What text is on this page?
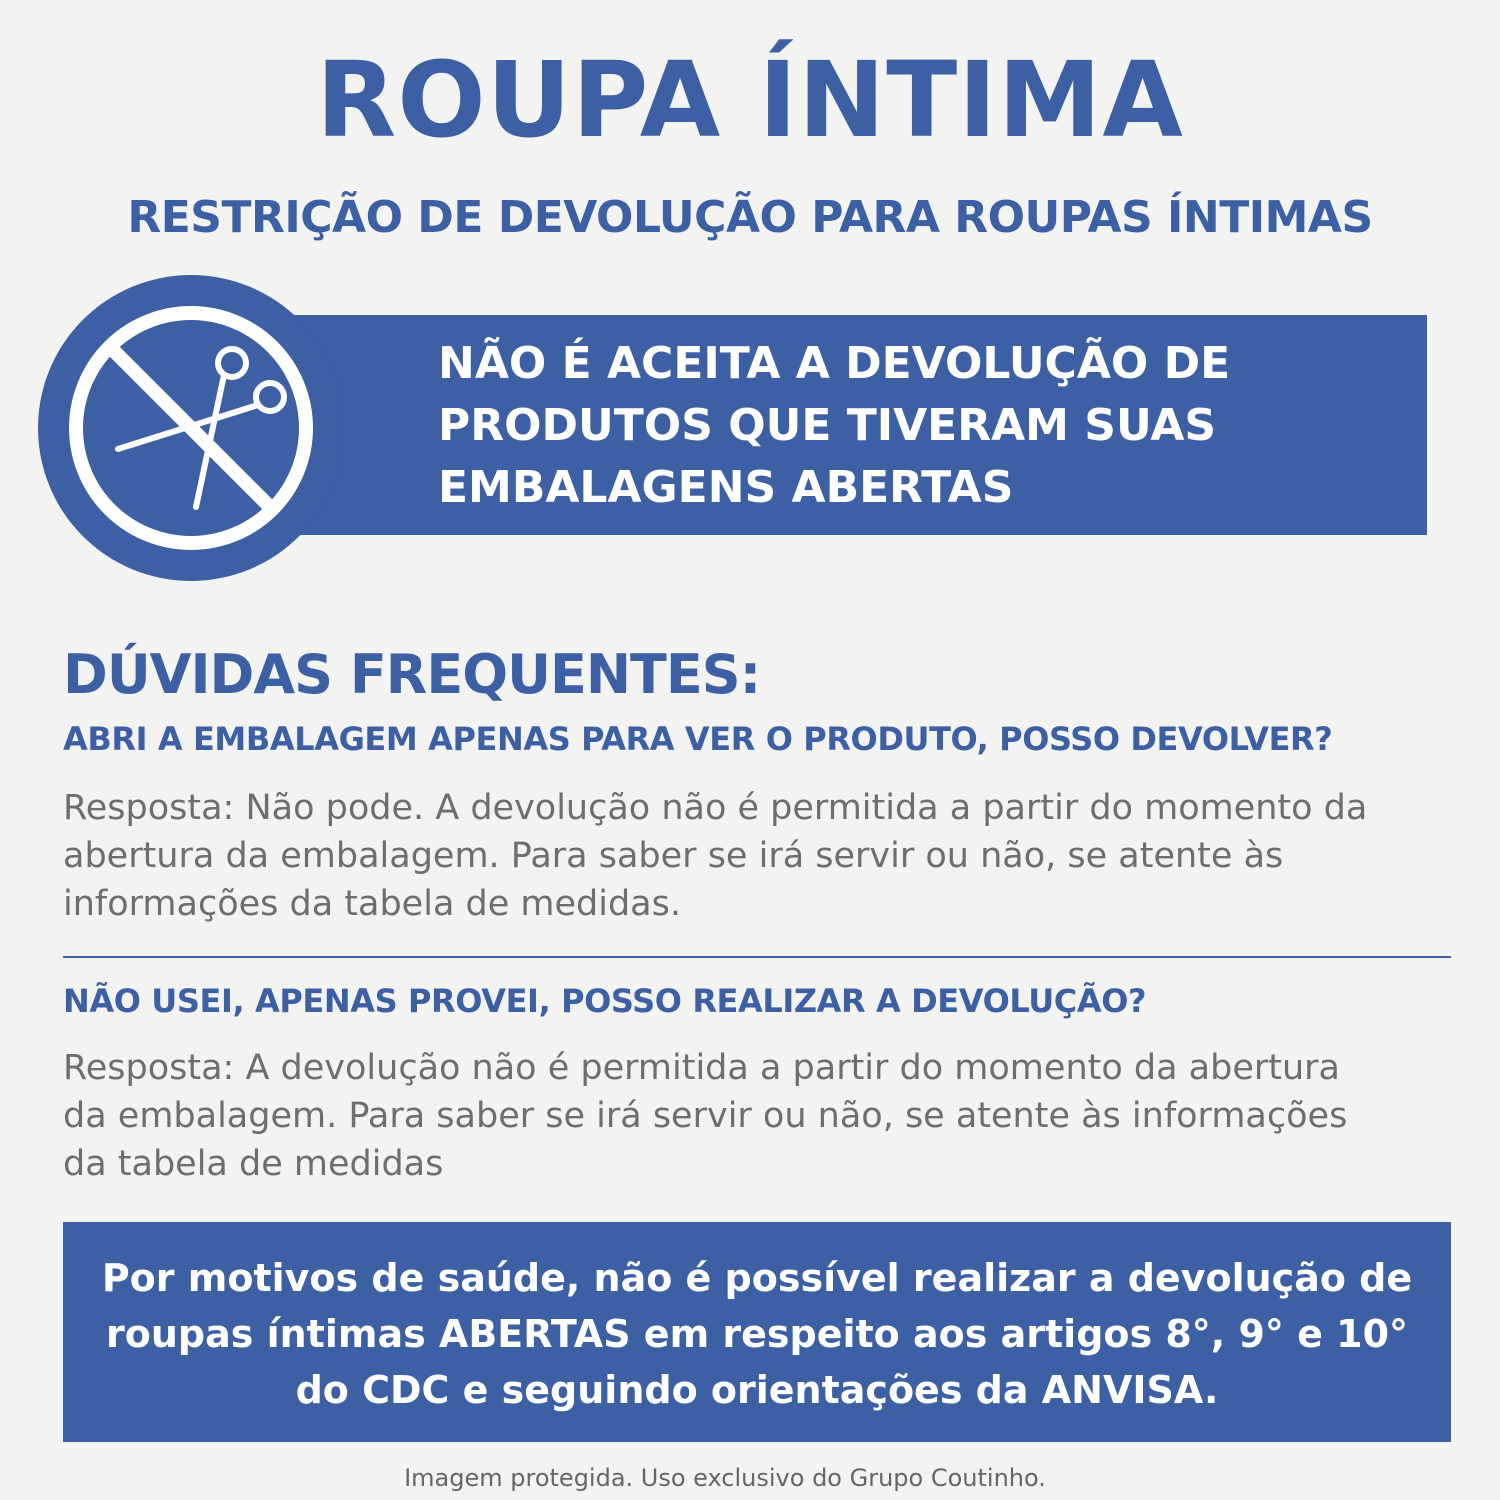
ROUPA ÍNTIMA
RESTRIÇÃO DE DEVOLUÇÃO PARA ROUPAS ÍNTIMAS
NÃO É ACEITA A DEVOLUÇÃO DE
PRODUTOS QUE TIVERAM SUAS
EMBALAGENS ABERTAS
DÚVIDAS FREQUENTES:

ABRI A EMBALAGEM APENAS PARA VER O PRODUTO, POSSO DEVOLVER?

Resposta: Não pode. A devolução não é permitida a partir do momento da
abertura da embalagem. Para saber se irá servir ou não, se atente às
informações da tabela de medidas.

NÃO USEI, APENAS PROVEI, POSSO REALIZAR A DEVOLUÇÃO?

Resposta: A devolução não é permitida a partir do momento da abertura
da embalagem. Para saber se irá servir ou não, se atente às informações
da tabela de medidas
Por motivos de saúde, não é possível realizar a devolução de
roupas íntimas ABERTAS em respeito aos artigos 8°, 9° e 10°
do CDC e seguindo orientações da ANVISA.

Imagem protegida. Uso exclusivo do Grupo Coutinho.
